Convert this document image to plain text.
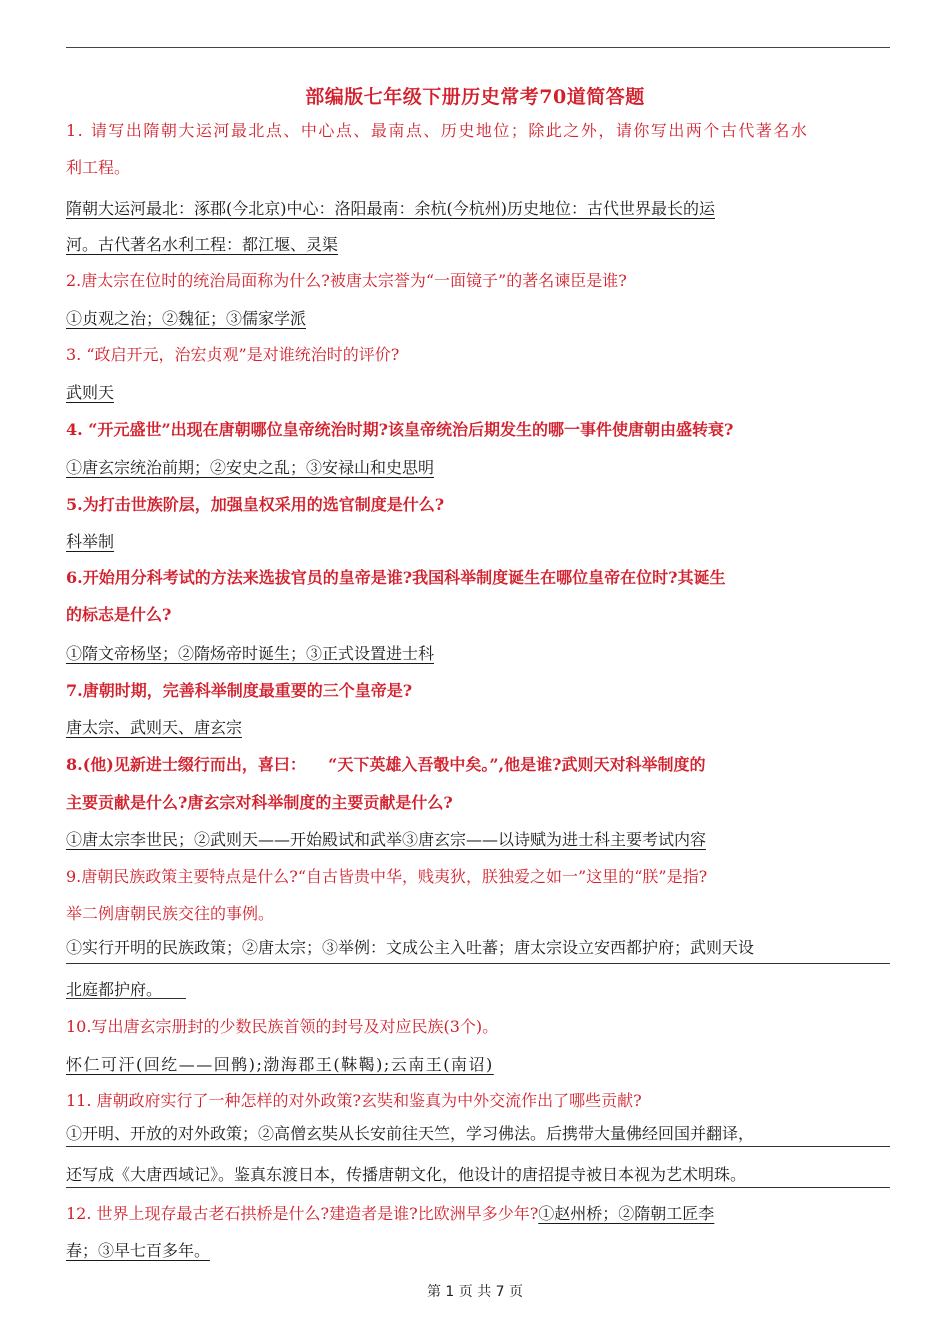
部编版七年级下册历史常考70道简答题
1. 请写出隋朝大运河最北点、中心点、最南点、历史地位；除此之外，请你写出两个古代著名水
利工程。
隋朝大运河最北：涿郡(今北京)中心：洛阳最南：余杭(今杭州)历史地位：古代世界最长的运
河。古代著名水利工程：都江堰、灵渠
2.唐太宗在位时的统治局面称为什么?被唐太宗誉为“一面镜子”的著名谏臣是谁?
①贞观之治；②魏征；③儒家学派
3. “政启开元，治宏贞观”是对谁统治时的评价?
武则天
4. “开元盛世”出现在唐朝哪位皇帝统治时期?该皇帝统治后期发生的哪一事件使唐朝由盛转衰?
①唐玄宗统治前期；②安史之乱；③安禄山和史思明
5.为打击世族阶层，加强皇权采用的选官制度是什么?
科举制
6.开始用分科考试的方法来选拔官员的皇帝是谁?我国科举制度诞生在哪位皇帝在位时?其诞生
的标志是什么?
①隋文帝杨坚；②隋炀帝时诞生；③正式设置进士科
7.唐朝时期，完善科举制度最重要的三个皇帝是?
唐太宗、武则天、唐玄宗
8.(他)见新进士缀行而出，喜曰：    “天下英雄入吾彀中矣。”,他是谁?武则天对科举制度的
主要贡献是什么?唐玄宗对科举制度的主要贡献是什么?
①唐太宗李世民；②武则天——开始殿试和武举③唐玄宗——以诗赋为进士科主要考试内容
9.唐朝民族政策主要特点是什么?“自古皆贵中华，贱夷狄，朕独爱之如一”这里的“朕”是指?
举二例唐朝民族交往的事例。
①实行开明的民族政策；②唐太宗；③举例：文成公主入吐蕃；唐太宗设立安西都护府；武则天设
北庭都护府。
10.写出唐玄宗册封的少数民族首领的封号及对应民族(3个)。
怀仁可汗(回纥——回鹘);渤海郡王(靺鞨);云南王(南诏)
11. 唐朝政府实行了一种怎样的对外政策?玄奘和鉴真为中外交流作出了哪些贡献?
①开明、开放的对外政策；②高僧玄奘从长安前往天竺，学习佛法。后携带大量佛经回国并翻译，
还写成《大唐西域记》。鉴真东渡日本，传播唐朝文化，他设计的唐招提寺被日本视为艺术明珠。
12. 世界上现存最古老石拱桥是什么?建造者是谁?比欧洲早多少年?①赵州桥；②隋朝工匠李
春；③早七百多年。
第 1 页 共 7 页
